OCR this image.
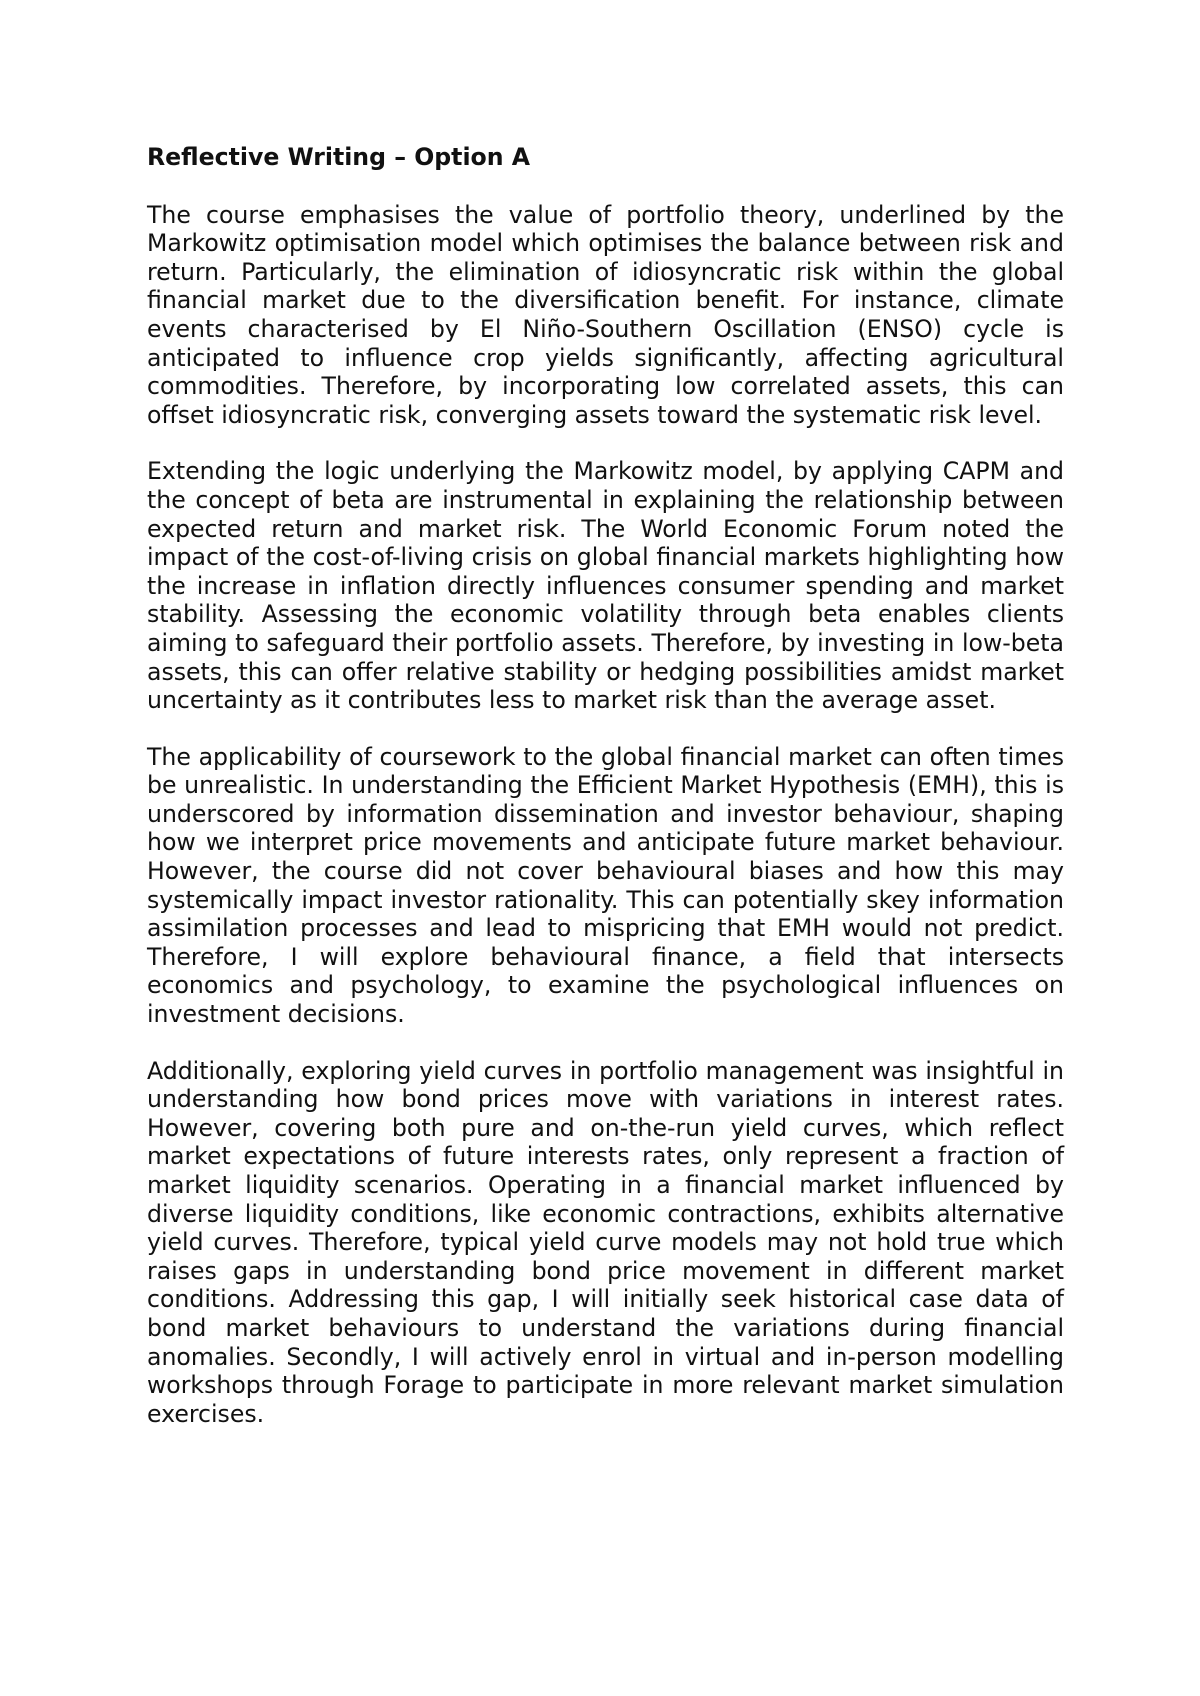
Reflective Writing – Option A

The course emphasises the value of portfolio theory, underlined by the Markowitz optimisation model which optimises the balance between risk and return. Particularly, the elimination of idiosyncratic risk within the global financial market due to the diversification benefit. For instance, climate events characterised by El Niño-Southern Oscillation (ENSO) cycle is anticipated to influence crop yields significantly, affecting agricultural commodities. Therefore, by incorporating low correlated assets, this can offset idiosyncratic risk, converging assets toward the systematic risk level.

Extending the logic underlying the Markowitz model, by applying CAPM and the concept of beta are instrumental in explaining the relationship between expected return and market risk. The World Economic Forum noted the impact of the cost-of-living crisis on global financial markets highlighting how the increase in inflation directly influences consumer spending and market stability. Assessing the economic volatility through beta enables clients aiming to safeguard their portfolio assets. Therefore, by investing in low-beta assets, this can offer relative stability or hedging possibilities amidst market uncertainty as it contributes less to market risk than the average asset.

The applicability of coursework to the global financial market can often times be unrealistic. In understanding the Efficient Market Hypothesis (EMH), this is underscored by information dissemination and investor behaviour, shaping how we interpret price movements and anticipate future market behaviour. However, the course did not cover behavioural biases and how this may systemically impact investor rationality. This can potentially skey information assimilation processes and lead to mispricing that EMH would not predict. Therefore, I will explore behavioural finance, a field that intersects economics and psychology, to examine the psychological influences on investment decisions.

Additionally, exploring yield curves in portfolio management was insightful in understanding how bond prices move with variations in interest rates. However, covering both pure and on-the-run yield curves, which reflect market expectations of future interests rates, only represent a fraction of market liquidity scenarios. Operating in a financial market influenced by diverse liquidity conditions, like economic contractions, exhibits alternative yield curves. Therefore, typical yield curve models may not hold true which raises gaps in understanding bond price movement in different market conditions. Addressing this gap, I will initially seek historical case data of bond market behaviours to understand the variations during financial anomalies. Secondly, I will actively enrol in virtual and in-person modelling workshops through Forage to participate in more relevant market simulation exercises.
